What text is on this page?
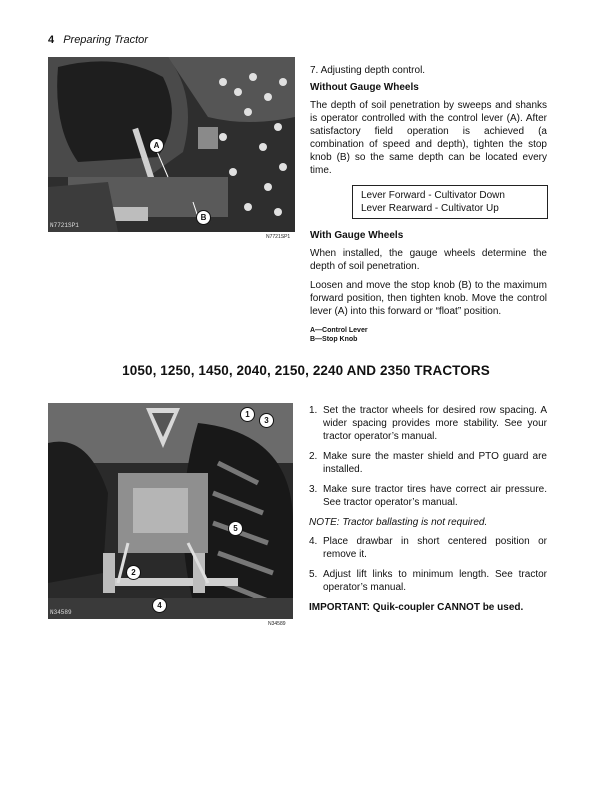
4 Preparing Tractor
A
B
N7721SP1
N7721SP1

7. Adjusting depth control.

Without Gauge Wheels

The depth of soil penetration by sweeps and shanks is operator controlled with the control lever (A). After satisfactory field operation is achieved (a combination of speed and depth), tighten the stop knob (B) so the same depth can be located every time.

Lever Forward - Cultivator Down
Lever Rearward - Cultivator Up
With Gauge Wheels

When installed, the gauge wheels determine the depth of soil penetration.

Loosen and move the stop knob (B) to the maximum forward position, then tighten knob. Move the control lever (A) into this forward or “float” position.

A—Control Lever
B—Stop Knob
1050, 1250, 1450, 2040, 2150, 2240 AND 2350 TRACTORS
1
3
5
2
4
N34589
N34589
1. Set the tractor wheels for desired row spacing. A wider spacing provides more stability. See your tractor operator’s manual.
2. Make sure the master shield and PTO guard are installed.
3. Make sure tractor tires have correct air pressure. See tractor operator’s manual.

NOTE: Tractor ballasting is not required.

4. Place drawbar in short centered position or remove it.
5. Adjust lift links to minimum length. See tractor operator’s manual.
IMPORTANT: Quik-coupler CANNOT be used.
